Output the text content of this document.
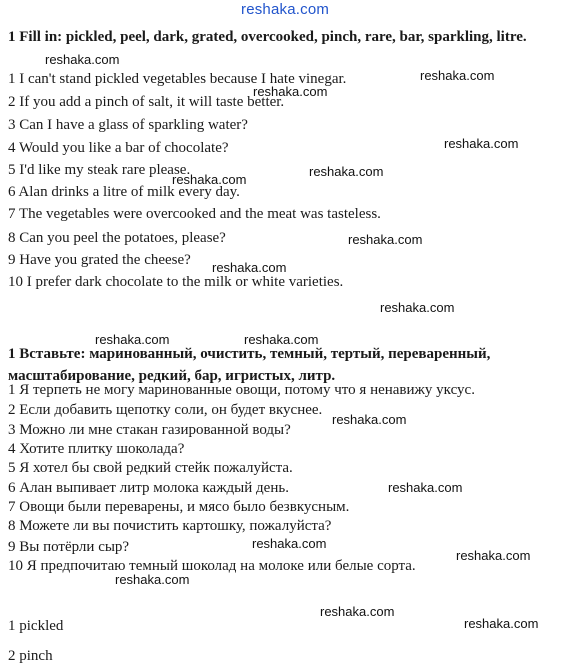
reshaka.com
1 Fill in: pickled, peel, dark, grated, overcooked, pinch, rare, bar, sparkling, litre.
1 I can't stand pickled vegetables because I hate vinegar.
2 If you add a pinch of salt, it will taste better.
3 Can I have a glass of sparkling water?
4 Would you like a bar of chocolate?
5 I'd like my steak rare please.
6 Alan drinks a litre of milk every day.
7 The vegetables were overcooked and the meat was tasteless.
8 Can you peel the potatoes, please?
9 Have you grated the cheese?
10 I prefer dark chocolate to the milk or white varieties.
1 Вставьте: маринованный, очистить, темный, тертый, переваренный, масштабирование, редкий, бар, игристых, литр.
1 Я терпеть не могу маринованные овощи, потому что я ненавижу уксус.
2 Если добавить щепотку соли, он будет вкуснее.
3 Можно ли мне стакан газированной воды?
4 Хотите плитку шоколада?
5 Я хотел бы свой редкий стейк пожалуйста.
6 Алан выпивает литр молока каждый день.
7 Овощи были переварены, и мясо было безвкусным.
8 Можете ли вы почистить картошку, пожалуйста?
9 Вы потёрли сыр?
10 Я предпочитаю темный шоколад на молоке или белые сорта.
1 pickled
2 pinch
reshaka.com
reshaka.com
reshaka.com
reshaka.com
reshaka.com
reshaka.com
reshaka.com
reshaka.com
reshaka.com
reshaka.com	reshaka.com
reshaka.com
reshaka.com
reshaka.com
reshaka.com
reshaka.com
reshaka.com
reshaka.com
